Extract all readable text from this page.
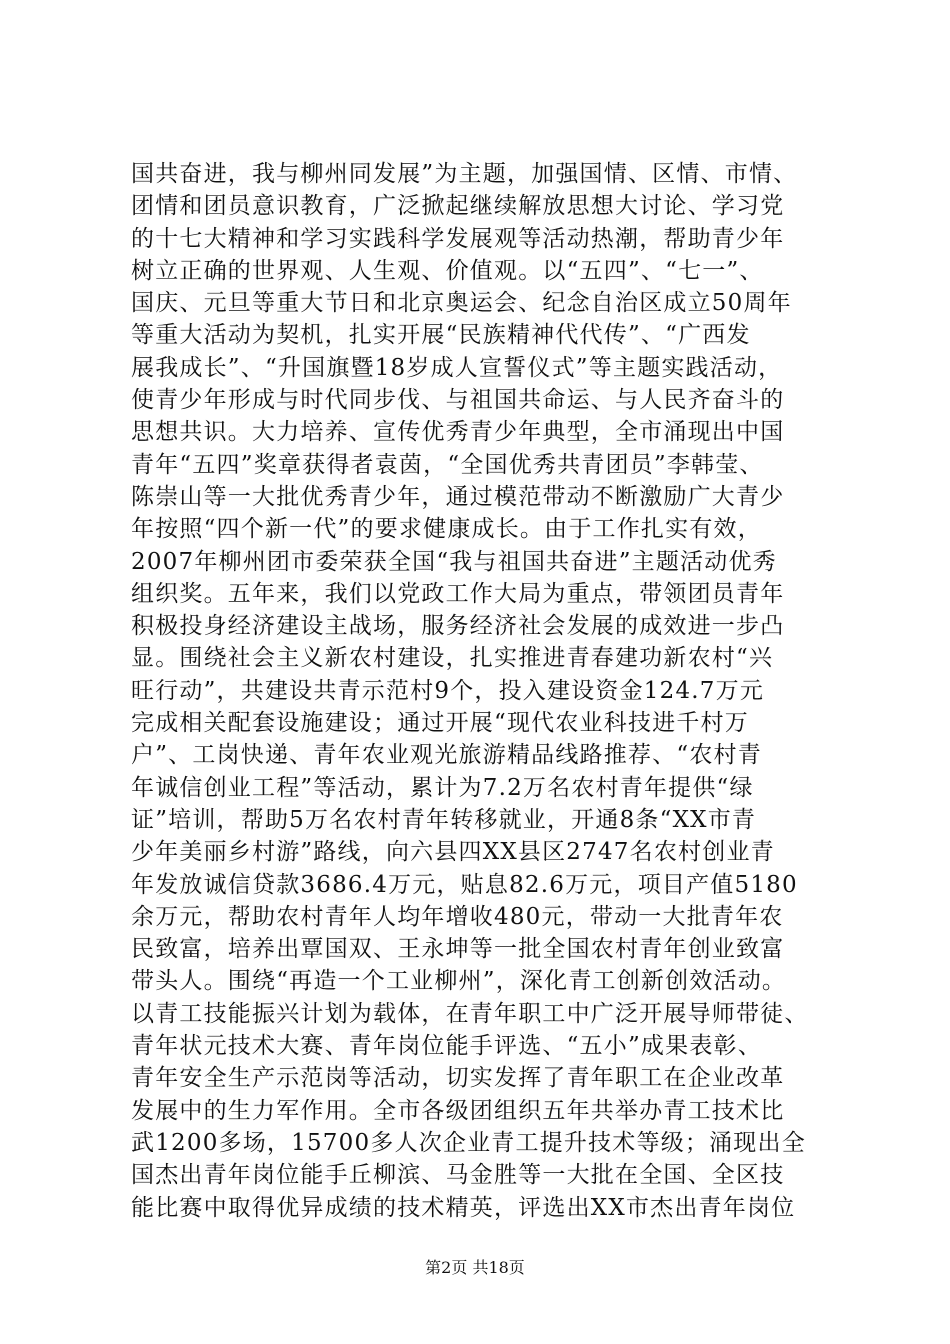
国共奋进，我与柳州同发展”为主题，加强国情、区情、市情、
团情和团员意识教育，广泛掀起继续解放思想大讨论、学习党
的十七大精神和学习实践科学发展观等活动热潮，帮助青少年
树立正确的世界观、人生观、价值观。以“五四”、“七一”、
国庆、元旦等重大节日和北京奥运会、纪念自治区成立50周年
等重大活动为契机，扎实开展“民族精神代代传”、“广西发
展我成长”、“升国旗暨18岁成人宣誓仪式”等主题实践活动，
使青少年形成与时代同步伐、与祖国共命运、与人民齐奋斗的
思想共识。大力培养、宣传优秀青少年典型，全市涌现出中国
青年“五四”奖章获得者袁茵，“全国优秀共青团员”李韩莹、
陈崇山等一大批优秀青少年，通过模范带动不断激励广大青少
年按照“四个新一代”的要求健康成长。由于工作扎实有效，
2007年柳州团市委荣获全国“我与祖国共奋进”主题活动优秀
组织奖。五年来，我们以党政工作大局为重点，带领团员青年
积极投身经济建设主战场，服务经济社会发展的成效进一步凸
显。围绕社会主义新农村建设，扎实推进青春建功新农村“兴
旺行动”，共建设共青示范村9个，投入建设资金124.7万元
完成相关配套设施建设；通过开展“现代农业科技进千村万
户”、工岗快递、青年农业观光旅游精品线路推荐、“农村青
年诚信创业工程”等活动，累计为7.2万名农村青年提供“绿
证”培训，帮助5万名农村青年转移就业，开通8条“XX市青
少年美丽乡村游”路线，向六县四XX县区2747名农村创业青
年发放诚信贷款3686.4万元，贴息82.6万元，项目产值5180
余万元，帮助农村青年人均年增收480元，带动一大批青年农
民致富，培养出覃国双、王永坤等一批全国农村青年创业致富
带头人。围绕“再造一个工业柳州”，深化青工创新创效活动。
以青工技能振兴计划为载体，在青年职工中广泛开展导师带徒、
青年状元技术大赛、青年岗位能手评选、“五小”成果表彰、
青年安全生产示范岗等活动，切实发挥了青年职工在企业改革
发展中的生力军作用。全市各级团组织五年共举办青工技术比
武1200多场，15700多人次企业青工提升技术等级；涌现出全
国杰出青年岗位能手丘柳滨、马金胜等一大批在全国、全区技
能比赛中取得优异成绩的技术精英，评选出XX市杰出青年岗位
第2页 共18页
